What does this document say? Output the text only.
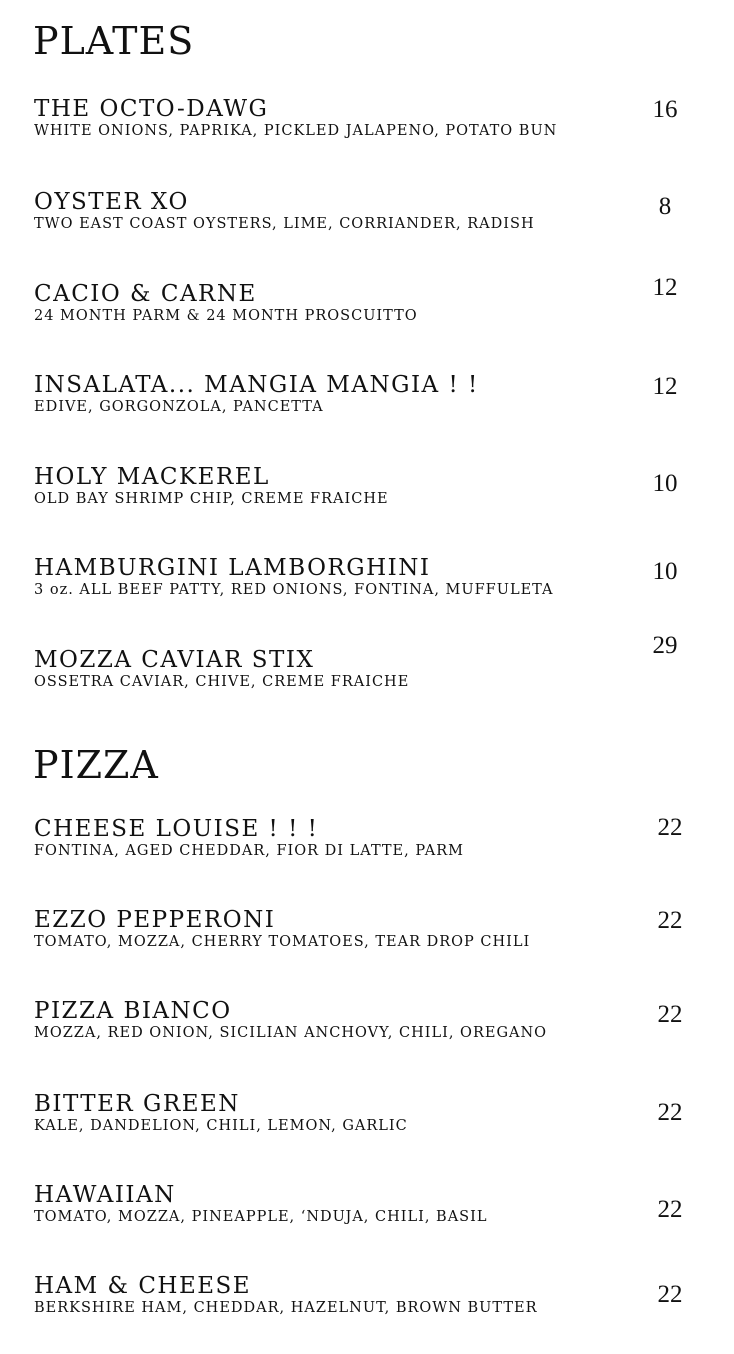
PLATES
THE OCTO-DAWG
WHITE ONIONS, PAPRIKA, PICKLED JALAPENO, POTATO BUN
16
OYSTER XO
TWO EAST COAST OYSTERS, LIME, CORRIANDER, RADISH
8
CACIO & CARNE
24 MONTH PARM & 24 MONTH PROSCUITTO
12
INSALATA... MANGIA MANGIA ! !
EDIVE, GORGONZOLA, PANCETTA
12
HOLY MACKEREL
OLD BAY SHRIMP CHIP, CREME FRAICHE
10
HAMBURGINI LAMBORGHINI
3 oz. ALL BEEF PATTY, RED ONIONS, FONTINA, MUFFULETA
10
MOZZA CAVIAR STIX
OSSETRA CAVIAR, CHIVE, CREME FRAICHE
29
PIZZA
CHEESE LOUISE ! ! !
FONTINA, AGED CHEDDAR, FIOR DI LATTE, PARM
22
EZZO PEPPERONI
TOMATO, MOZZA, CHERRY TOMATOES, TEAR DROP CHILI
22
PIZZA BIANCO
MOZZA, RED ONION, SICILIAN ANCHOVY, CHILI, OREGANO
22
BITTER GREEN
KALE, DANDELION, CHILI, LEMON, GARLIC	22
HAWAIIAN
TOMATO, MOZZA, PINEAPPLE, ‘NDUJA, CHILI, BASIL	22
HAM & CHEESE
BERKSHIRE HAM, CHEDDAR, HAZELNUT, BROWN BUTTER	22
